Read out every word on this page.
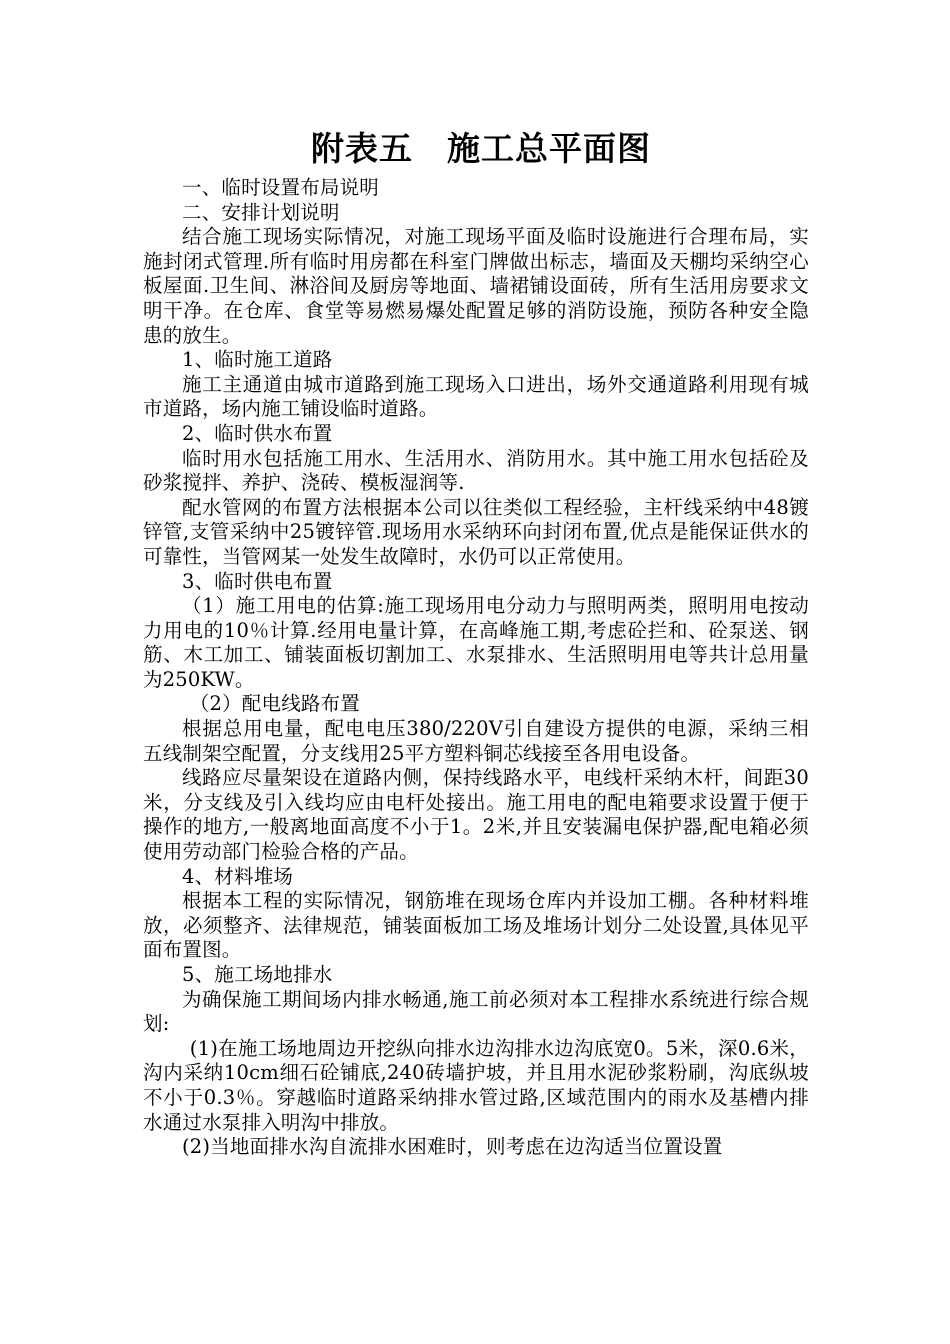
附表五　施工总平面图

一、临时设置布局说明

二、安排计划说明

结合施工现场实际情况，对施工现场平面及临时设施进行合理布局，实施封闭式管理.所有临时用房都在科室门牌做出标志，墙面及天棚均采纳空心板屋面.卫生间、淋浴间及厨房等地面、墙裙铺设面砖，所有生活用房要求文明干净。在仓库、食堂等易燃易爆处配置足够的消防设施，预防各种安全隐患的放生。

1、临时施工道路

施工主通道由城市道路到施工现场入口进出，场外交通道路利用现有城市道路，场内施工铺设临时道路。

2、临时供水布置

临时用水包括施工用水、生活用水、消防用水。其中施工用水包括砼及砂浆搅拌、养护、浇砖、模板湿润等.

配水管网的布置方法根据本公司以往类似工程经验，主杆线采纳中48镀锌管,支管采纳中25镀锌管.现场用水采纳环向封闭布置,优点是能保证供水的可靠性，当管网某一处发生故障时，水仍可以正常使用。

3、临时供电布置

（1）施工用电的估算:施工现场用电分动力与照明两类，照明用电按动力用电的10％计算.经用电量计算，在高峰施工期,考虑砼拦和、砼泵送、钢筋、木工加工、铺装面板切割加工、水泵排水、生活照明用电等共计总用量为250KW。

（2）配电线路布置

根据总用电量，配电电压380/220V引自建设方提供的电源，采纳三相五线制架空配置，分支线用25平方塑料铜芯线接至各用电设备。

线路应尽量架设在道路内侧，保持线路水平，电线杆采纳木杆，间距30米，分支线及引入线均应由电杆处接出。施工用电的配电箱要求设置于便于操作的地方,一般离地面高度不小于1。2米,并且安装漏电保护器,配电箱必须使用劳动部门检验合格的产品。

4、材料堆场

根据本工程的实际情况，钢筋堆在现场仓库内并设加工棚。各种材料堆放，必须整齐、法律规范，铺装面板加工场及堆场计划分二处设置,具体见平面布置图。

5、施工场地排水

为确保施工期间场内排水畅通,施工前必须对本工程排水系统进行综合规划:

(1)在施工场地周边开挖纵向排水边沟排水边沟底宽0。5米，深0.6米，沟内采纳10cm细石砼铺底,240砖墙护坡，并且用水泥砂浆粉刷，沟底纵坡不小于0.3％。穿越临时道路采纳排水管过路,区域范围内的雨水及基槽内排水通过水泵排入明沟中排放。

(2)当地面排水沟自流排水困难时，则考虑在边沟适当位置设置
